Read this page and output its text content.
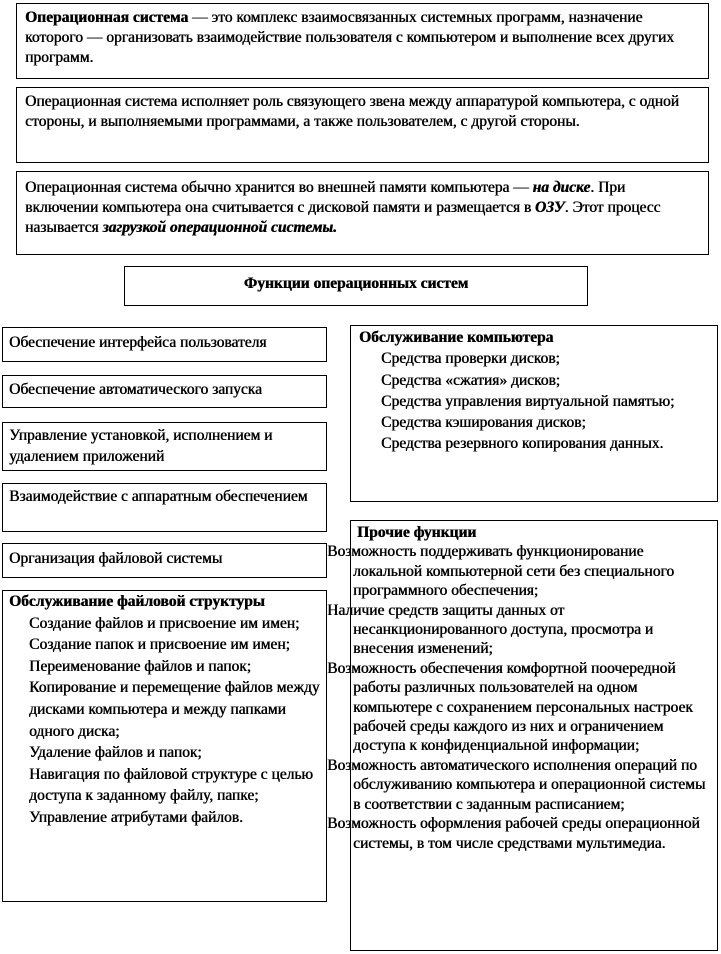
Операционная система — это комплекс взаимосвязанных системных программ, назначение которого — организовать взаимодействие пользователя с компьютером и выполнение всех других программ.
Операционная система исполняет роль связующего звена между аппаратурой компьютера, с одной стороны, и выполняемыми программами, а также пользователем, с другой стороны.
Операционная система обычно хранится во внешней памяти компьютера — на диске. При включении компьютера она считывается с дисковой памяти и размещается в ОЗУ. Этот процесс называется загрузкой операционной системы.
Функции операционных систем
Обеспечение интерфейса пользователя
Обеспечение автоматического запуска
Управление установкой, исполнением и удалением приложений
Взаимодействие с аппаратным обеспечением
Организация файловой системы
Обслуживание файловой структуры
Создание файлов и присвоение им имен;
Создание папок и присвоение им имен;
Переименование файлов и папок;
Копирование и перемещение файлов между дисками компьютера и между папками одного диска;
Удаление файлов и папок;
Навигация по файловой структуре с целью доступа к заданному файлу, папке;
Управление атрибутами файлов.
Обслуживание компьютера
Средства проверки дисков;
Средства «сжатия» дисков;
Средства управления виртуальной памятью;
Средства кэширования дисков;
Средства резервного копирования данных.
Прочие функции
Возможность поддерживать функционирование локальной компьютерной сети без специального программного обеспечения;
Наличие средств защиты данных от несанкционированного доступа, просмотра и внесения изменений;
Возможность обеспечения комфортной поочередной работы различных пользователей на одном компьютере с сохранением персональных настроек рабочей среды каждого из них и ограничением доступа к конфиденциальной информации;
Возможность автоматического исполнения операций по обслуживанию компьютера и операционной системы в соответствии с заданным расписанием;
Возможность оформления рабочей среды операционной системы, в том числе средствами мультимедиа.
